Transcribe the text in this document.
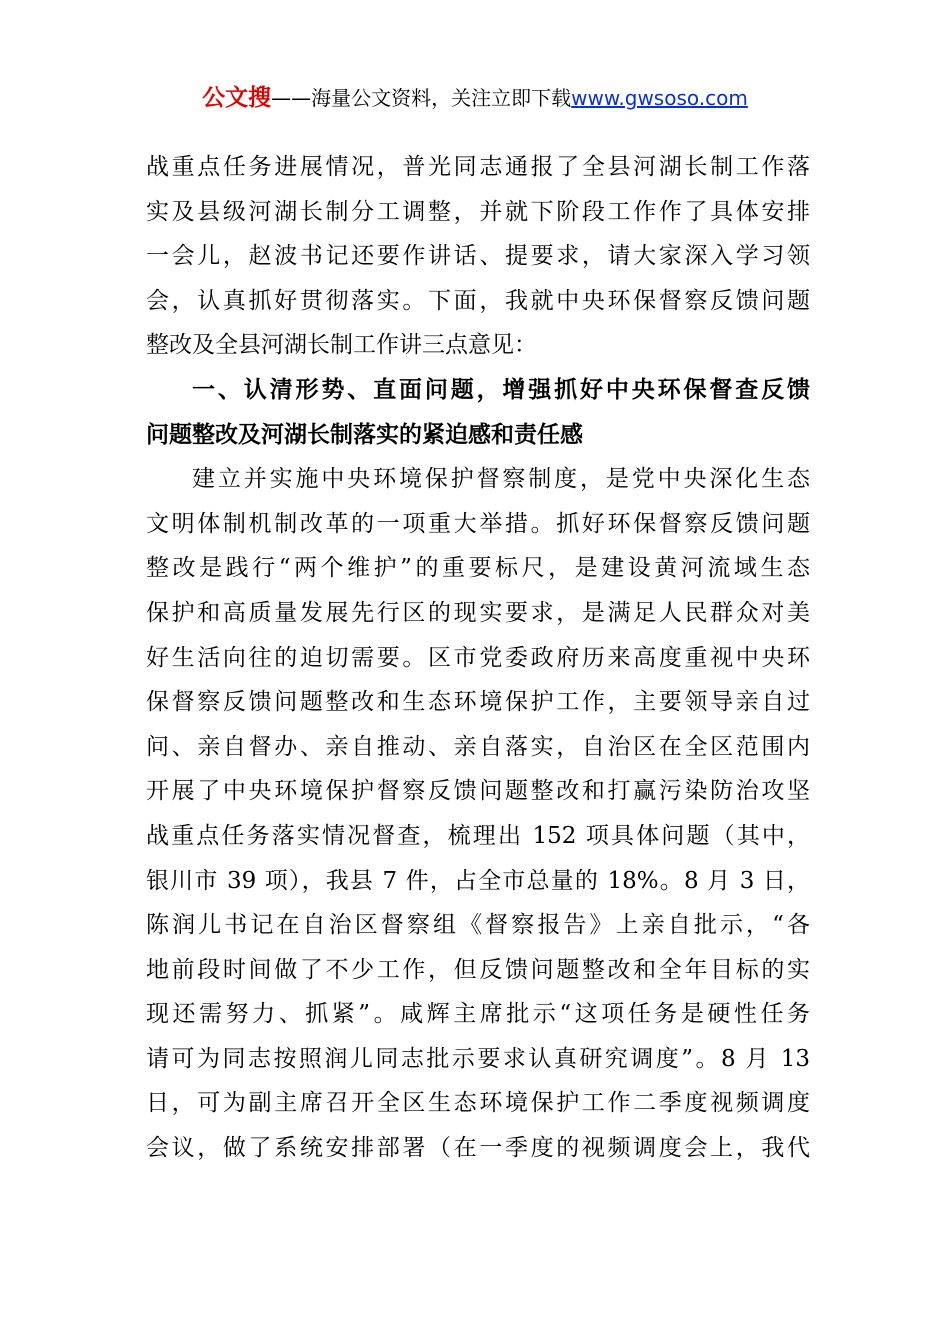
公文搜——海量公文资料，关注立即下载www.gwsoso.com
战重点任务进展情况，普光同志通报了全县河湖长制工作落
实及县级河湖长制分工调整，并就下阶段工作作了具体安排
一会儿，赵波书记还要作讲话、提要求，请大家深入学习领
会，认真抓好贯彻落实。下面，我就中央环保督察反馈问题
整改及全县河湖长制工作讲三点意见：
一、认清形势、直面问题，增强抓好中央环保督查反馈
问题整改及河湖长制落实的紧迫感和责任感
建立并实施中央环境保护督察制度，是党中央深化生态
文明体制机制改革的一项重大举措。抓好环保督察反馈问题
整改是践行“两个维护”的重要标尺，是建设黄河流域生态
保护和高质量发展先行区的现实要求，是满足人民群众对美
好生活向往的迫切需要。区市党委政府历来高度重视中央环
保督察反馈问题整改和生态环境保护工作，主要领导亲自过
问、亲自督办、亲自推动、亲自落实，自治区在全区范围内
开展了中央环境保护督察反馈问题整改和打赢污染防治攻坚
战重点任务落实情况督查，梳理出 152 项具体问题（其中，
银川市 39 项），我县 7 件，占全市总量的 18%。8 月 3 日，
陈润儿书记在自治区督察组《督察报告》上亲自批示，“各
地前段时间做了不少工作，但反馈问题整改和全年目标的实
现还需努力、抓紧”。咸辉主席批示“这项任务是硬性任务
请可为同志按照润儿同志批示要求认真研究调度”。8 月 13
日，可为副主席召开全区生态环境保护工作二季度视频调度
会议，做了系统安排部署（在一季度的视频调度会上，我代
